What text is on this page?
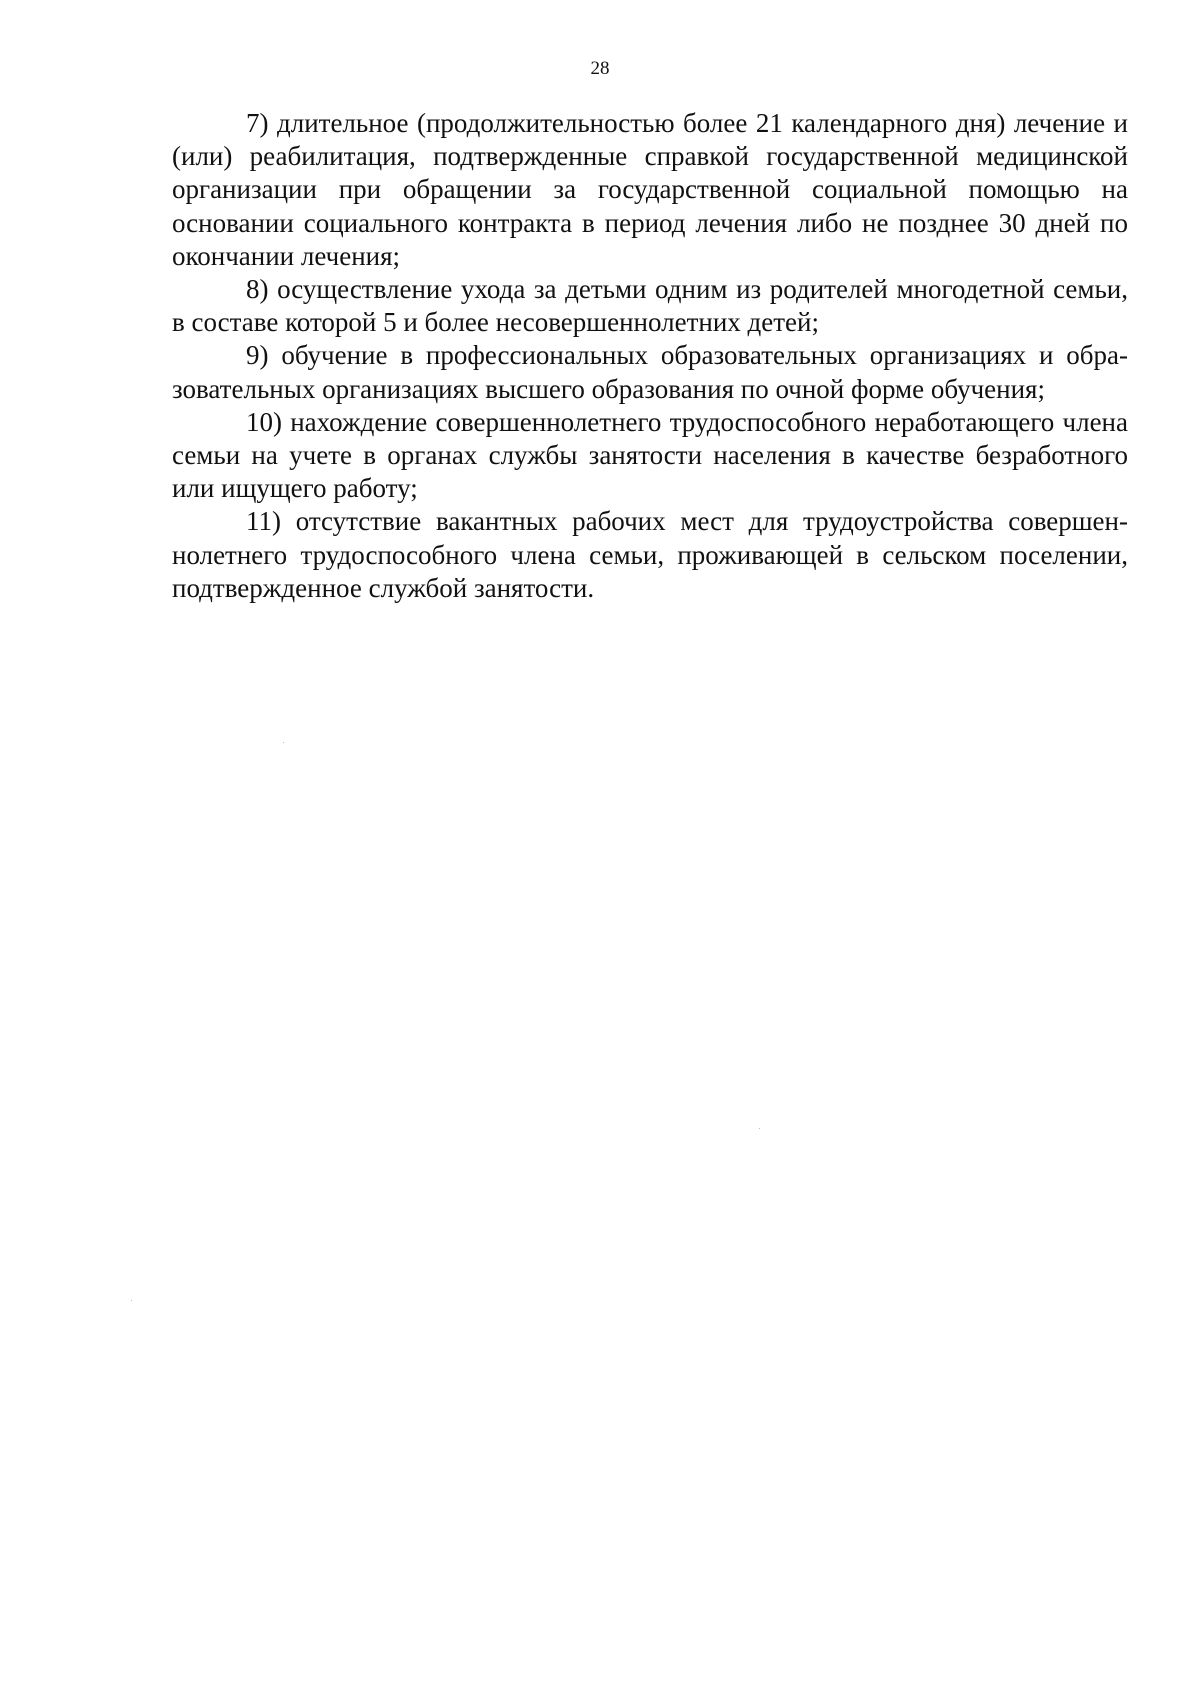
28

7) длительное (продолжительностью более 21 календарного дня) лечение и (или) реабилитация, подтвержденные справкой государственной медицинской организации при обращении за государственной социальной помощью на основании социального контракта в период лечения либо не позднее 30 дней по окончании лечения;

8) осуществление ухода за детьми одним из родителей многодетной семьи, в составе которой 5 и более несовершеннолетних детей;

9) обучение в профессиональных образовательных организациях и образовательных организациях высшего образования по очной форме обучения;

10) нахождение совершеннолетнего трудоспособного неработающего члена семьи на учете в органах службы занятости населения в качестве безработного или ищущего работу;

11) отсутствие вакантных рабочих мест для трудоустройства совершеннолетнего трудоспособного члена семьи, проживающей в сельском поселении, подтвержденное службой занятости.
